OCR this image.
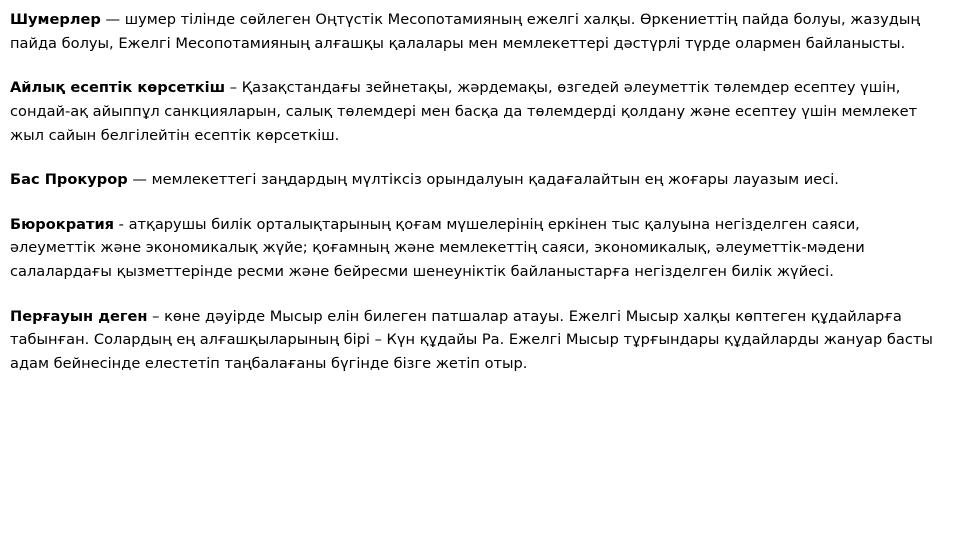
Шумерлер — шумер тілінде сөйлеген Оңтүстік Месопотамияның ежелгі халқы. Өркениеттің пайда болуы, жазудың пайда болуы, Ежелгі Месопотамияның алғашқы қалалары мен мемлекеттері дәстүрлі түрде олармен байланысты.

Айлық есептік көрсеткіш – Қазақстандағы зейнетақы, жәрдемақы, өзгедей әлеуметтік төлемдер есептеу үшін, сондай-ақ айыппұл санкцияларын, салық төлемдері мен басқа да төлемдерді қолдану және есептеу үшін мемлекет жыл сайын белгілейтін есептік көрсеткіш.

Бас Прокурор — мемлекеттегі заңдардың мүлтіксіз орындалуын қадағалайтын ең жоғары лауазым иесі.

Бюрократия - атқарушы билік орталықтарының қоғам мүшелерінің еркінен тыс қалуына негізделген саяси, әлеуметтік және экономикалық жүйе; қоғамның және мемлекеттің саяси, экономикалық, әлеуметтік-мәдени салалардағы қызметтерінде ресми және бейресми шенеуніктік байланыстарға негізделген билік жүйесі.

Перғауын деген – көне дәуірде Мысыр елін билеген патшалар атауы. Ежелгі Мысыр халқы көптеген құдайларға табынған. Солардың ең алғашқыларының бірі – Күн құдайы Ра. Ежелгі Мысыр тұрғындары құдайларды жануар басты адам бейнесінде елестетіп таңбалағаны бүгінде бізге жетіп отыр.
